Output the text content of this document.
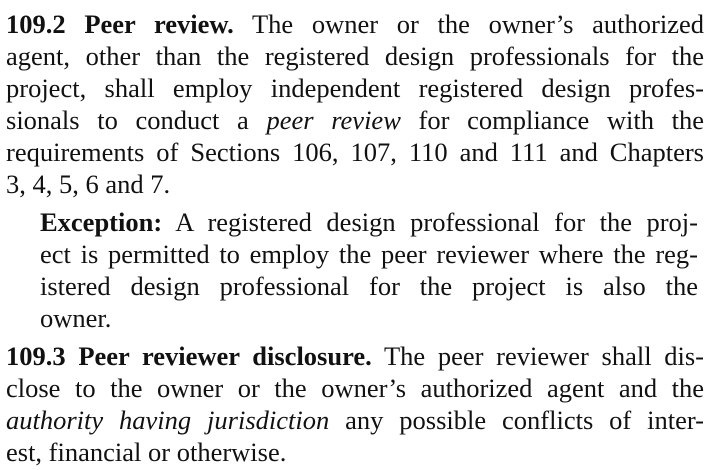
109.2 Peer review. The owner or the owner’s authorized
agent, other than the registered design professionals for the
project, shall employ independent registered design profes-
sionals to conduct a peer review for compliance with the
requirements of Sections 106, 107, 110 and 111 and Chapters
3, 4, 5, 6 and 7.
Exception: A registered design professional for the proj-
ect is permitted to employ the peer reviewer where the reg-
istered design professional for the project is also the
owner.
109.3 Peer reviewer disclosure. The peer reviewer shall dis-
close to the owner or the owner’s authorized agent and the
authority having jurisdiction any possible conflicts of inter-
est, financial or otherwise.
